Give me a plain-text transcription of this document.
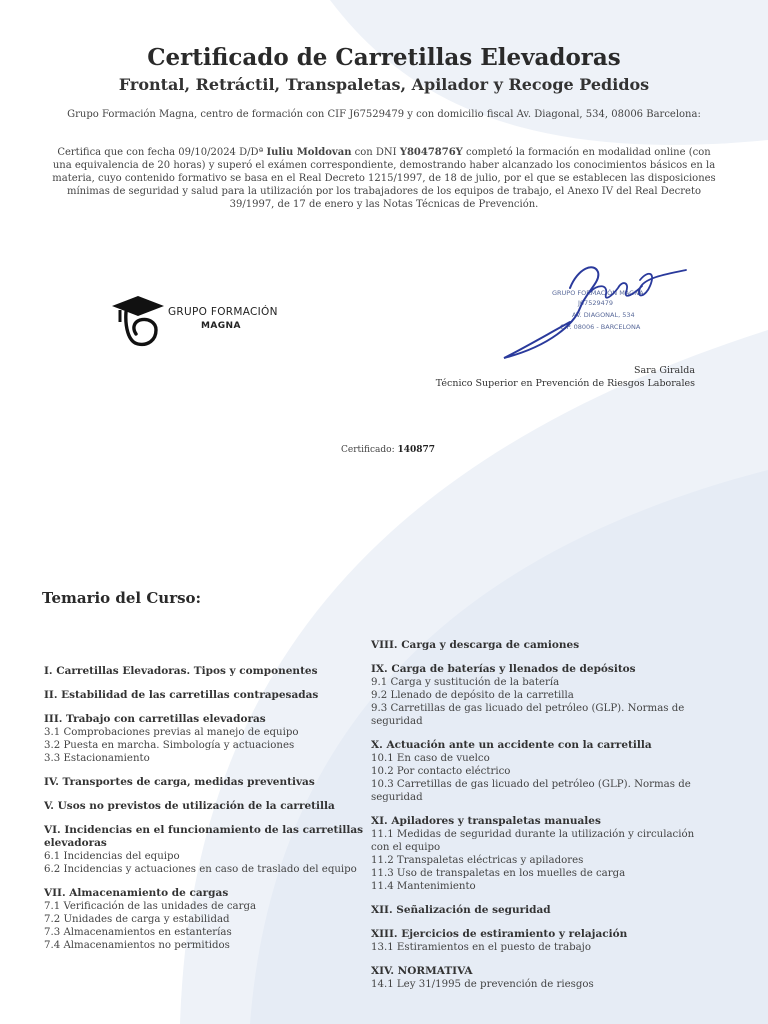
Certificado de Carretillas Elevadoras
Frontal, Retráctil, Transpaletas, Apilador y Recoge Pedidos

Grupo Formación Magna, centro de formación con CIF J67529479 y con domicilio fiscal Av. Diagonal, 534, 08006 Barcelona:

Certifica que con fecha 09/10/2024 D/Dª Iuliu Moldovan con DNI Y8047876Y completó la formación en modalidad online (con una equivalencia de 20 horas) y superó el exámen correspondiente, demostrando haber alcanzado los conocimientos básicos en la materia, cuyo contenido formativo se basa en el Real Decreto 1215/1997, de 18 de julio, por el que se establecen las disposiciones mínimas de seguridad y salud para la utilización por los trabajadores de los equipos de trabajo, el Anexo IV del Real Decreto 39/1997, de 17 de enero y las Notas Técnicas de Prevención.

GRUPO FORMACIÓN
MAGNA
GRUPO FORMACIÓN MAGNA
J67529479
AV. DIAGONAL, 534
C.P. 08006 - BARCELONA
Sara Giralda
Técnico Superior en Prevención de Riesgos Laborales
Certificado: 140877
Temario del Curso:
I. Carretillas Elevadoras. Tipos y componentes
II. Estabilidad de las carretillas contrapesadas
III. Trabajo con carretillas elevadoras
3.1 Comprobaciones previas al manejo de equipo
3.2 Puesta en marcha. Simbología y actuaciones
3.3 Estacionamiento
IV. Transportes de carga, medidas preventivas
V. Usos no previstos de utilización de la carretilla
VI. Incidencias en el funcionamiento de las carretillas elevadoras
6.1 Incidencias del equipo
6.2 Incidencias y actuaciones en caso de traslado del equipo
VII. Almacenamiento de cargas
7.1 Verificación de las unidades de carga
7.2 Unidades de carga y estabilidad
7.3 Almacenamientos en estanterías
7.4 Almacenamientos no permitidos
VIII. Carga y descarga de camiones
IX. Carga de baterías y llenados de depósitos
9.1 Carga y sustitución de la batería
9.2 Llenado de depósito de la carretilla
9.3 Carretillas de gas licuado del petróleo (GLP). Normas de seguridad
X. Actuación ante un accidente con la carretilla
10.1 En caso de vuelco
10.2 Por contacto eléctrico
10.3 Carretillas de gas licuado del petróleo (GLP). Normas de seguridad
XI. Apiladores y transpaletas manuales
11.1 Medidas de seguridad durante la utilización y circulación con el equipo
11.2 Transpaletas eléctricas y apiladores
11.3 Uso de transpaletas en los muelles de carga
11.4 Mantenimiento
XII. Señalización de seguridad
XIII. Ejercicios de estiramiento y relajación
13.1 Estiramientos en el puesto de trabajo
XIV. NORMATIVA
14.1 Ley 31/1995 de prevención de riesgos
